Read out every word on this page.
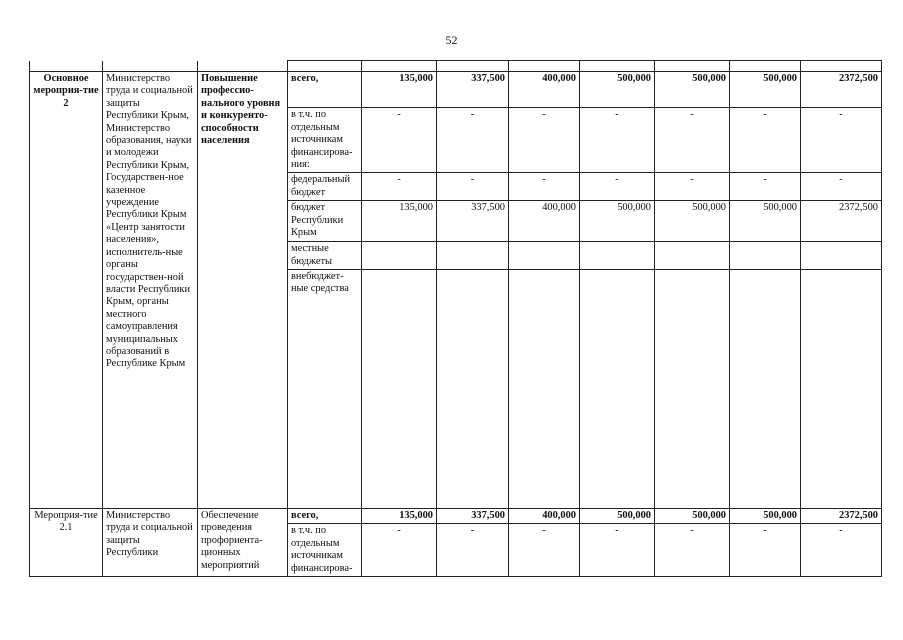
52

Основное мероприя-тие 2	Министерство труда и социальной защиты Республики Крым, Министерство образования, науки и молодежи Республики Крым, Государствен-ное казенное учреждение Республики Крым «Центр занятости населения», исполнитель-ные органы государствен-ной власти Республики Крым, органы местного самоуправления муниципальных образований в Республике Крым	Повышение профессио-нального уровня и конкуренто-способности населения	всего,	135,000	337,500	400,000	500,000	500,000	500,000	2372,500
			в т.ч. по отдельным источникам финансирова-ния:	-	-	-	-	-	-	-
			федеральный бюджет	-	-	-	-	-	-	-
			бюджет Республики Крым	135,000	337,500	400,000	500,000	500,000	500,000	2372,500
			местные бюджеты							
			внебюджет-ные средства							
Мероприя-тие 2.1	Министерство труда и социальной защиты Республики	Обеспечение проведения профориента-ционных мероприятий	всего,	135,000	337,500	400,000	500,000	500,000	500,000	2372,500
			в т.ч. по отдельным источникам финансирова-	-	-	-	-	-	-	-
